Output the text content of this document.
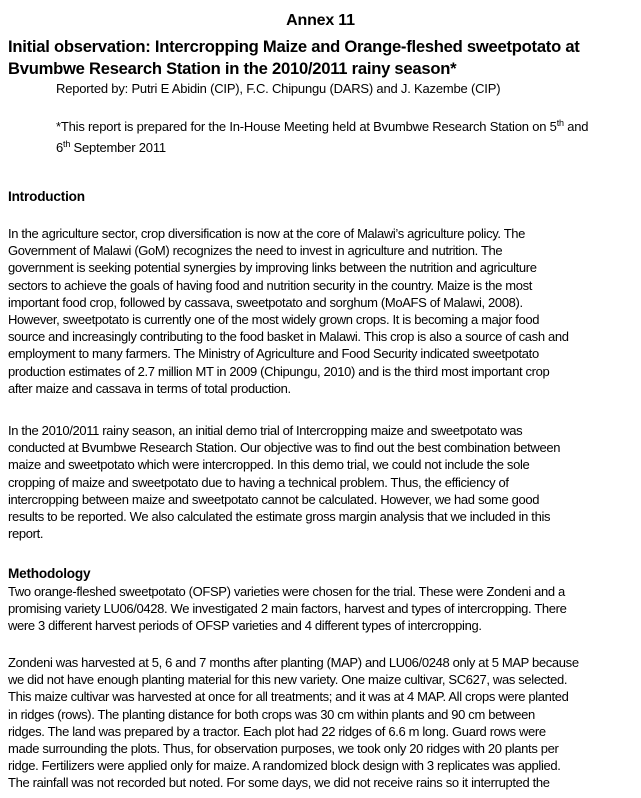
Annex 11
Initial observation: Intercropping Maize and Orange-fleshed sweetpotato at
Bvumbwe Research Station in the 2010/2011 rainy season*
Reported by: Putri E Abidin (CIP), F.C. Chipungu (DARS) and J. Kazembe (CIP)
*This report is prepared for the In-House Meeting held at Bvumbwe Research Station on 5th and
6th September 2011
Introduction
In the agriculture sector, crop diversification is now at the core of Malawi’s agriculture policy. The
Government of Malawi (GoM) recognizes the need to invest in agriculture and nutrition. The
government is seeking potential synergies by improving links between the nutrition and agriculture
sectors to achieve the goals of having food and nutrition security in the country. Maize is the most
important food crop, followed by cassava, sweetpotato and sorghum (MoAFS of Malawi, 2008).
However, sweetpotato is currently one of the most widely grown crops. It is becoming a major food
source and increasingly contributing to the food basket in Malawi. This crop is also a source of cash and
employment to many farmers. The Ministry of Agriculture and Food Security indicated sweetpotato
production estimates of 2.7 million MT in 2009 (Chipungu, 2010) and is the third most important crop
after maize and cassava in terms of total production.
In the 2010/2011 rainy season, an initial demo trial of Intercropping maize and sweetpotato was
conducted at Bvumbwe Research Station. Our objective was to find out the best combination between
maize and sweetpotato which were intercropped. In this demo trial, we could not include the sole
cropping of maize and sweetpotato due to having a technical problem. Thus, the efficiency of
intercropping between maize and sweetpotato cannot be calculated. However, we had some good
results to be reported. We also calculated the estimate gross margin analysis that we included in this
report.
Methodology
Two orange-fleshed sweetpotato (OFSP) varieties were chosen for the trial. These were Zondeni and a
promising variety LU06/0428. We investigated 2 main factors, harvest and types of intercropping. There
were 3 different harvest periods of OFSP varieties and 4 different types of intercropping.
Zondeni was harvested at 5, 6 and 7 months after planting (MAP) and LU06/0248 only at 5 MAP because
we did not have enough planting material for this new variety. One maize cultivar, SC627, was selected.
This maize cultivar was harvested at once for all treatments; and it was at 4 MAP. All crops were planted
in ridges (rows). The planting distance for both crops was 30 cm within plants and 90 cm between
ridges. The land was prepared by a tractor. Each plot had 22 ridges of 6.6 m long. Guard rows were
made surrounding the plots. Thus, for observation purposes, we took only 20 ridges with 20 plants per
ridge. Fertilizers were applied only for maize. A randomized block design with 3 replicates was applied.
The rainfall was not recorded but noted. For some days, we did not receive rains so it interrupted the
